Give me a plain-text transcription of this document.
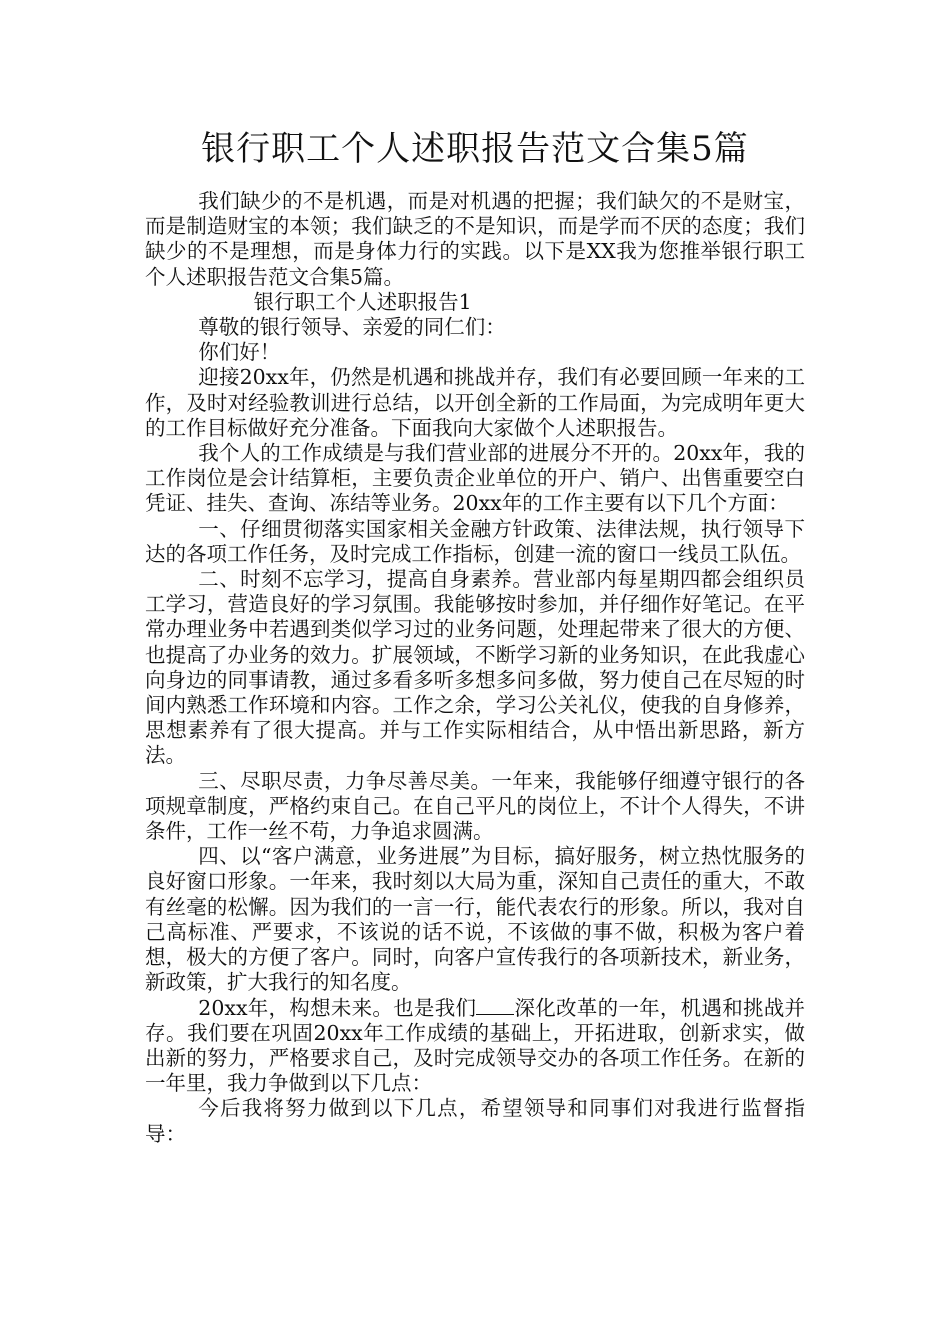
银行职工个人述职报告范文合集5篇

我们缺少的不是机遇，而是对机遇的把握；我们缺欠的不是财宝，而是制造财宝的本领；我们缺乏的不是知识，而是学而不厌的态度；我们缺少的不是理想，而是身体力行的实践。以下是XX我为您推举银行职工个人述职报告范文合集5篇。

银行职工个人述职报告1

尊敬的银行领导、亲爱的同仁们：

你们好！

迎接20xx年，仍然是机遇和挑战并存，我们有必要回顾一年来的工作，及时对经验教训进行总结，以开创全新的工作局面，为完成明年更大的工作目标做好充分准备。下面我向大家做个人述职报告。

我个人的工作成绩是与我们营业部的进展分不开的。20xx年，我的工作岗位是会计结算柜，主要负责企业单位的开户、销户、出售重要空白凭证、挂失、查询、冻结等业务。20xx年的工作主要有以下几个方面：

一、仔细贯彻落实国家相关金融方针政策、法律法规，执行领导下达的各项工作任务，及时完成工作指标，创建一流的窗口一线员工队伍。

二、时刻不忘学习，提高自身素养。营业部内每星期四都会组织员工学习，营造良好的学习氛围。我能够按时参加，并仔细作好笔记。在平常办理业务中若遇到类似学习过的业务问题，处理起带来了很大的方便、也提高了办业务的效力。扩展领域，不断学习新的业务知识，在此我虚心向身边的同事请教，通过多看多听多想多问多做，努力使自己在尽短的时间内熟悉工作环境和内容。工作之余，学习公关礼仪，使我的自身修养，思想素养有了很大提高。并与工作实际相结合，从中悟出新思路，新方法。

三、尽职尽责，力争尽善尽美。一年来，我能够仔细遵守银行的各项规章制度，严格约束自己。在自己平凡的岗位上，不计个人得失，不讲条件，工作一丝不苟，力争追求圆满。

四、以“客户满意，业务进展”为目标，搞好服务，树立热忱服务的良好窗口形象。一年来，我时刻以大局为重，深知自己责任的重大，不敢有丝毫的松懈。因为我们的一言一行，能代表农行的形象。所以，我对自己高标准、严要求，不该说的话不说，不该做的事不做，积极为客户着想，极大的方便了客户。同时，向客户宣传我行的各项新技术，新业务，新政策，扩大我行的知名度。

20xx年，构想未来。也是我们 深化改革的一年，机遇和挑战并存。我们要在巩固20xx年工作成绩的基础上，开拓进取，创新求实，做出新的努力，严格要求自己，及时完成领导交办的各项工作任务。在新的一年里，我力争做到以下几点：

今后我将努力做到以下几点，希望领导和同事们对我进行监督指导：
